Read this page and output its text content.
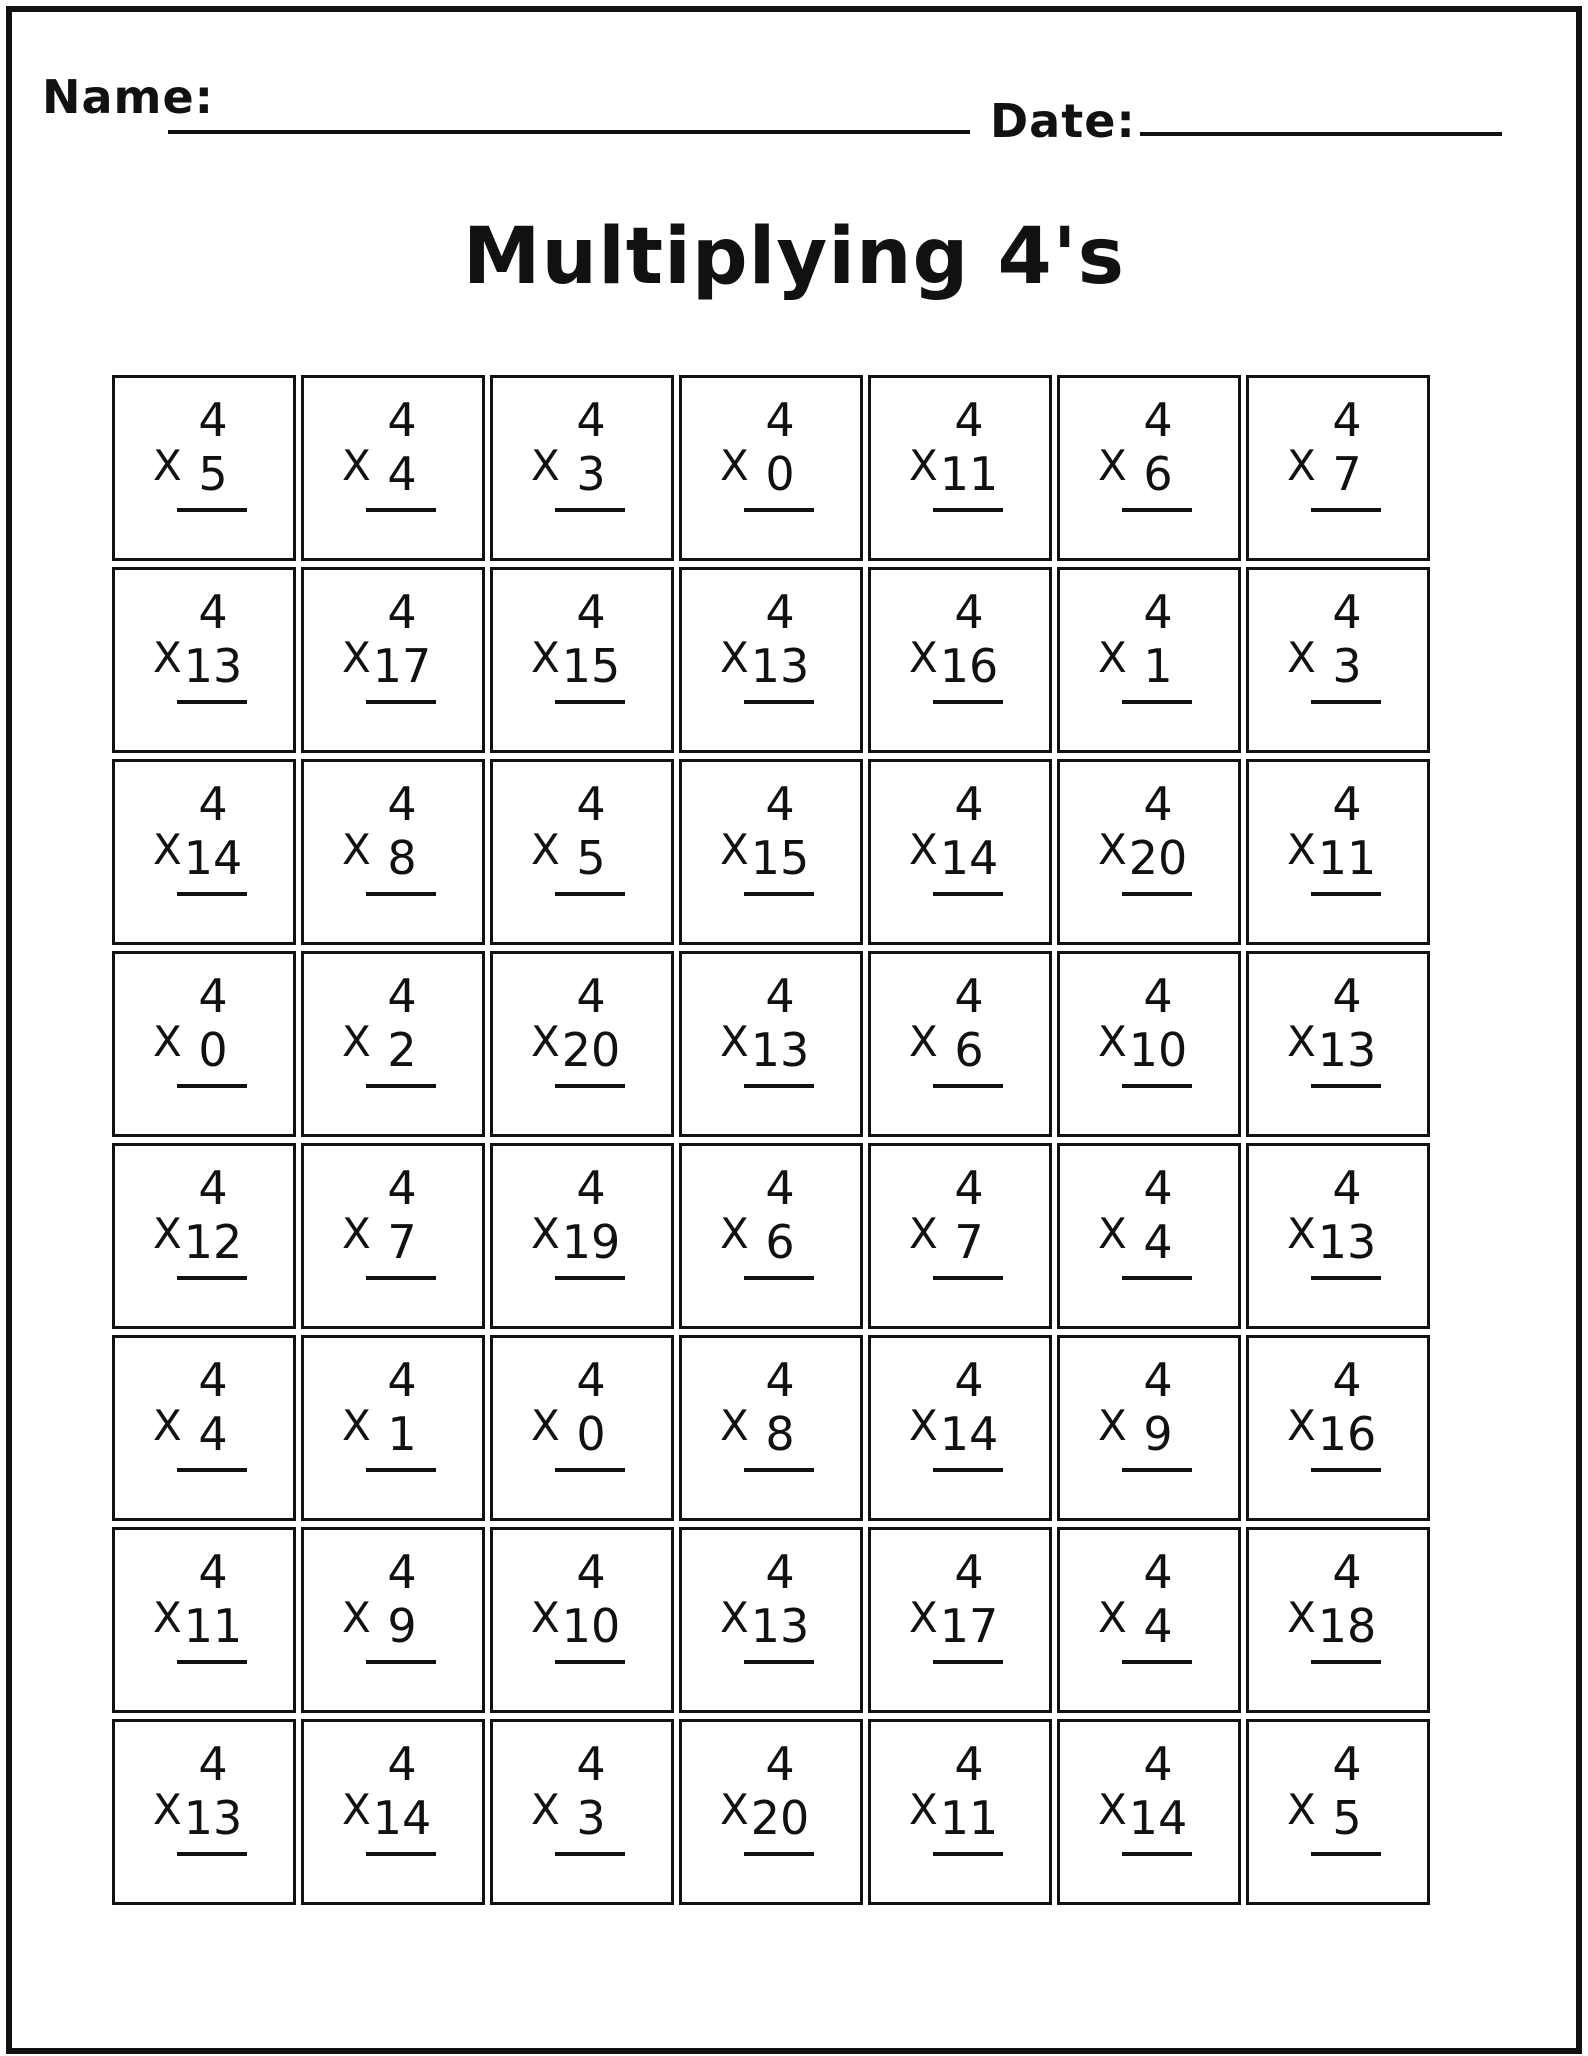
Name:	Date:
Multiplying 4's
4
X 5
4
X 4
4
X 3
4
X 0
4
X 11
4
X 6
4
X 7
4
X 13
4
X 17
4
X 15
4
X 13
4
X 16
4
X 1
4
X 3
4
X 14
4
X 8
4
X 5
4
X 15
4
X 14
4
X 20
4
X 11
4
X 0
4
X 2
4
X 20
4
X 13
4
X 6
4
X 10
4
X 13
4
X 12
4
X 7
4
X 19
4
X 6
4
X 7
4
X 4
4
X 13
4
X 4
4
X 1
4
X 0
4
X 8
4
X 14
4
X 9
4
X 16
4
X 11
4
X 9
4
X 10
4
X 13
4
X 17
4
X 4
4
X 18
4
X 13
4
X 14
4
X 3
4
X 20
4
X 11
4
X 14
4
X 5
